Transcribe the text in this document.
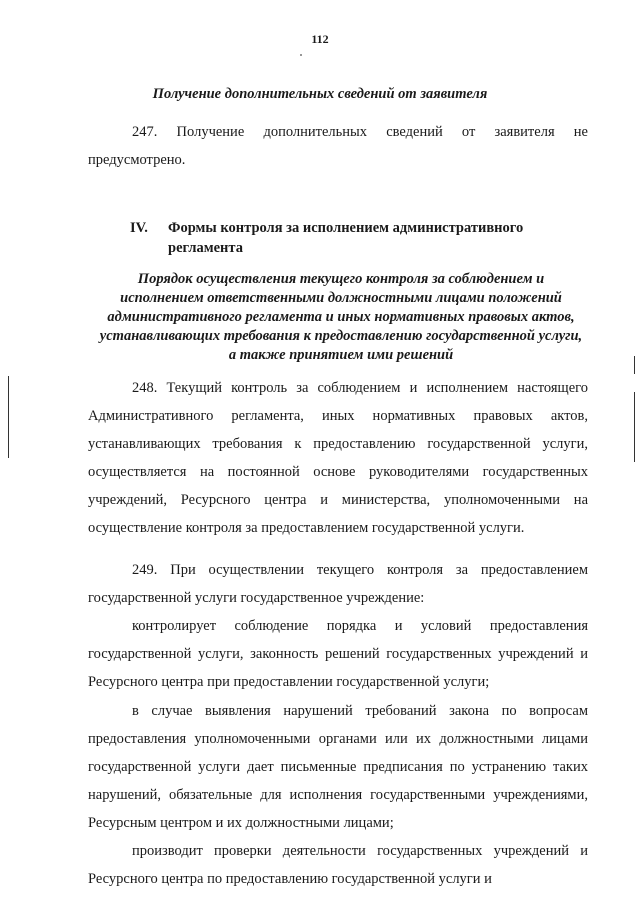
112
Получение дополнительных сведений от заявителя
247. Получение дополнительных сведений от заявителя не предусмотрено.
IV. Формы контроля за исполнением административного регламента
Порядок осуществления текущего контроля за соблюдением и исполнением ответственными должностными лицами положений административного регламента и иных нормативных правовых актов, устанавливающих требования к предоставлению государственной услуги, а также принятием ими решений
248. Текущий контроль за соблюдением и исполнением настоящего Административного регламента, иных нормативных правовых актов, устанавливающих требования к предоставлению государственной услуги, осуществляется на постоянной основе руководителями государственных учреждений, Ресурсного центра и министерства, уполномоченными на осуществление контроля за предоставлением государственной услуги.
249. При осуществлении текущего контроля за предоставлением государственной услуги государственное учреждение:
контролирует соблюдение порядка и условий предоставления государственной услуги, законность решений государственных учреждений и Ресурсного центра при предоставлении государственной услуги;
в случае выявления нарушений требований закона по вопросам предоставления уполномоченными органами или их должностными лицами государственной услуги дает письменные предписания по устранению таких нарушений, обязательные для исполнения государственными учреждениями, Ресурсным центром и их должностными лицами;
производит проверки деятельности государственных учреждений и Ресурсного центра по предоставлению государственной услуги и
